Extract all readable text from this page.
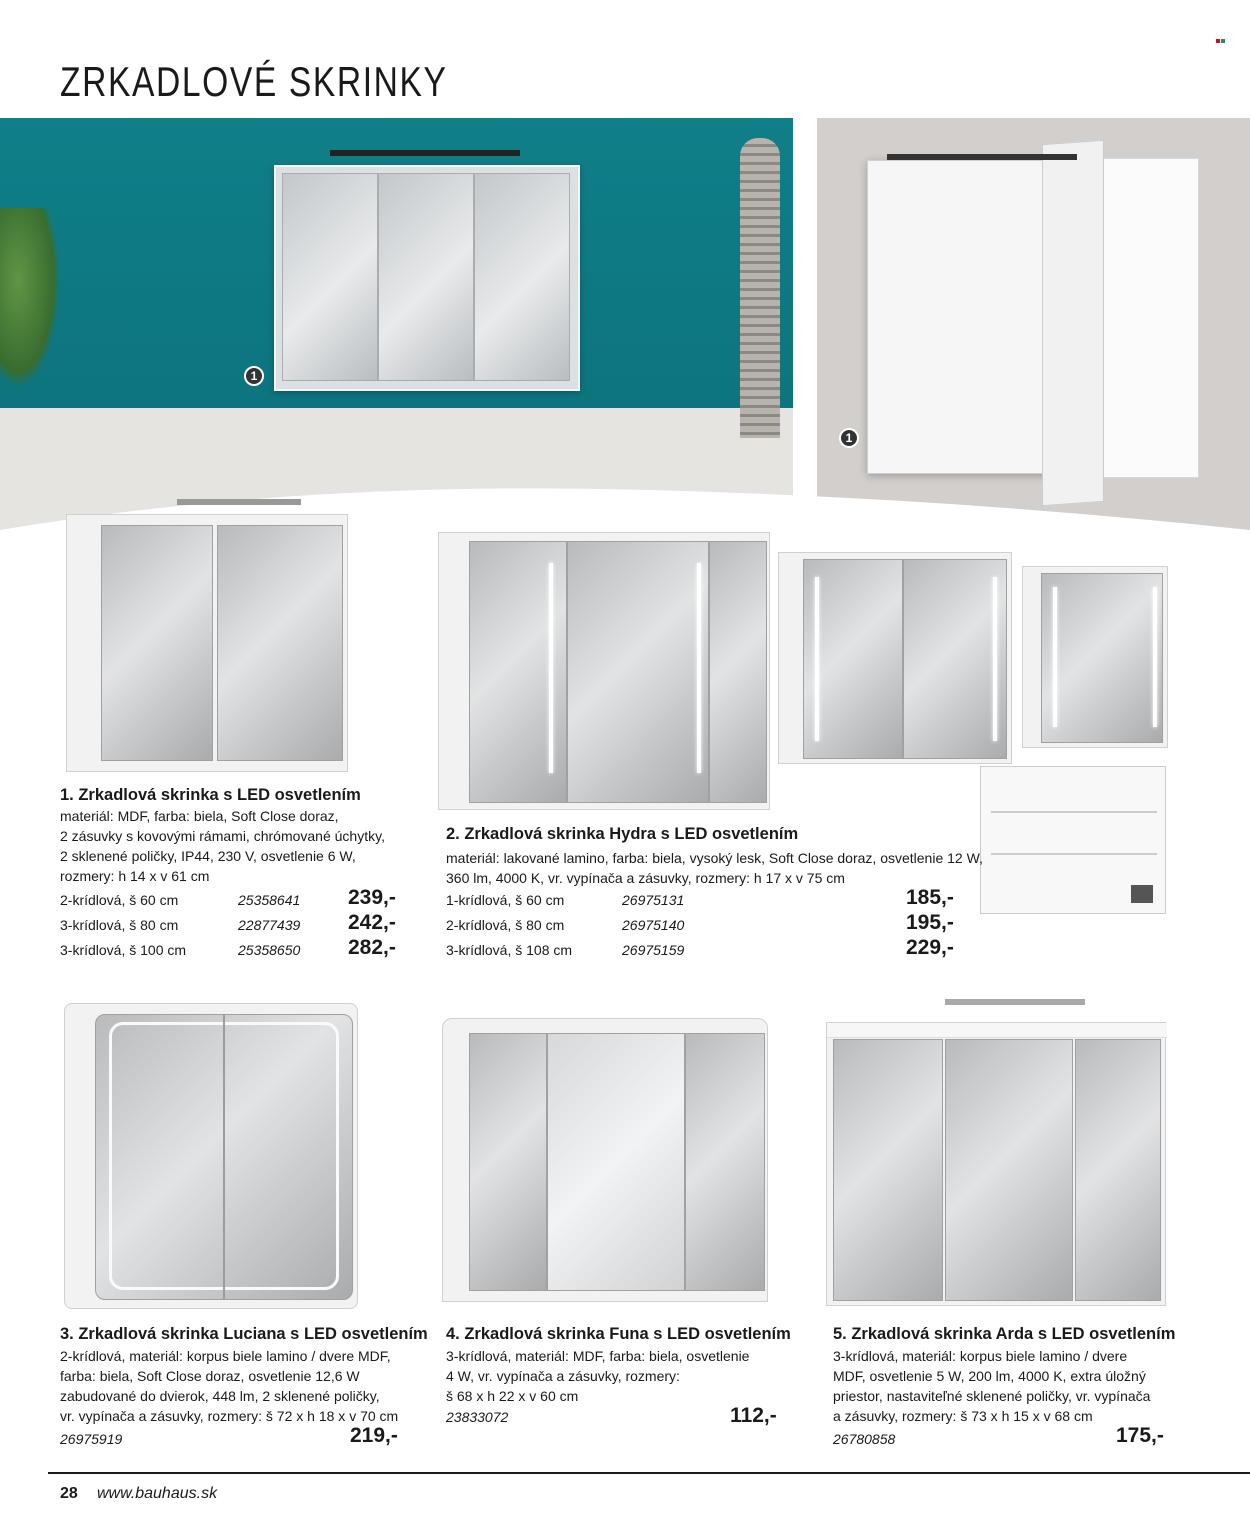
ZRKADLOVÉ SKRINKY
1
1
1. Zrkadlová skrinka s LED osvetlením
materiál: MDF, farba: biela, Soft Close doraz,
2 zásuvky s kovovými rámami, chrómované úchytky,
2 sklenené poličky, IP44, 230 V, osvetlenie 6 W,
rozmery: h 14 x v 61 cm
2-krídlová, š 60 cm	25358641 239,-
3-krídlová, š 80 cm	22877439 242,-
3-krídlová, š 100 cm	25358650 282,-
2. Zrkadlová skrinka Hydra s LED osvetlením
materiál: lakované lamino, farba: biela, vysoký lesk, Soft Close doraz, osvetlenie 12 W,
360 lm, 4000 K, vr. vypínača a zásuvky, rozmery: h 17 x v 75 cm
1-krídlová, š 60 cm	26975131	185,-
2-krídlová, š 80 cm	26975140	195,-
3-krídlová, š 108 cm	26975159	229,-
3. Zrkadlová skrinka Luciana s LED osvetlením
2-krídlová, materiál: korpus biele lamino / dvere MDF,
farba: biela, Soft Close doraz, osvetlenie 12,6 W
zabudované do dvierok, 448 lm, 2 sklenené poličky,
vr. vypínača a zásuvky, rozmery: š 72 x h 18 x v 70 cm
26975919	219,-
4. Zrkadlová skrinka Funa s LED osvetlením
3-krídlová, materiál: MDF, farba: biela, osvetlenie
4 W, vr. vypínača a zásuvky, rozmery:
š 68 x h 22 x v 60 cm
23833072	112,-
5. Zrkadlová skrinka Arda s LED osvetlením
3-krídlová, materiál: korpus biele lamino / dvere
MDF, osvetlenie 5 W, 200 lm, 4000 K, extra úložný
priestor, nastaviteľné sklenené poličky, vr. vypínača
a zásuvky, rozmery: š 73 x h 15 x v 68 cm
26780858	175,-
28 www.bauhaus.sk
